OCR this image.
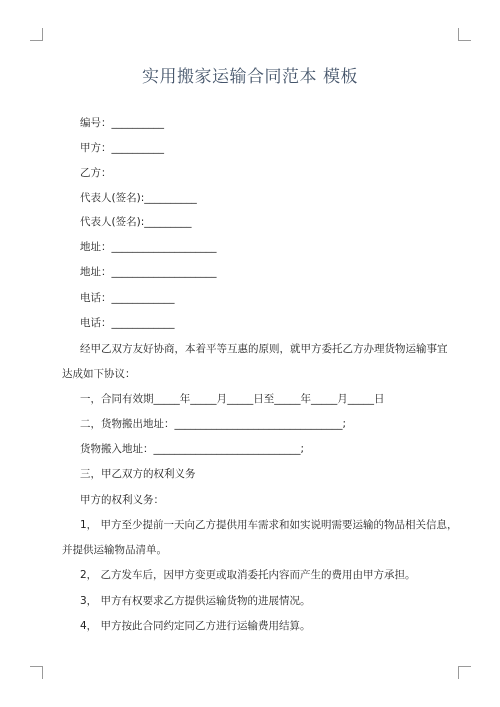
实用搬家运输合同范本 模板
编号：__________
甲方：__________
乙方：
代表人(签名):__________
代表人(签名):_________
地址：____________________
地址：____________________
电话：____________
电话：____________
经甲乙双方友好协商，本着平等互惠的原则，就甲方委托乙方办理货物运输事宜
达成如下协议：
一，合同有效期_____年_____月_____日至_____年_____月_____日
二，货物搬出地址：________________________________;
货物搬入地址：____________________________;
三，甲乙双方的权利义务
甲方的权利义务：
1， 甲方至少提前一天向乙方提供用车需求和如实说明需要运输的物品相关信息，
并提供运输物品清单。
2， 乙方发车后，因甲方变更或取消委托内容而产生的费用由甲方承担。
3， 甲方有权要求乙方提供运输货物的进展情况。
4， 甲方按此合同约定同乙方进行运输费用结算。
